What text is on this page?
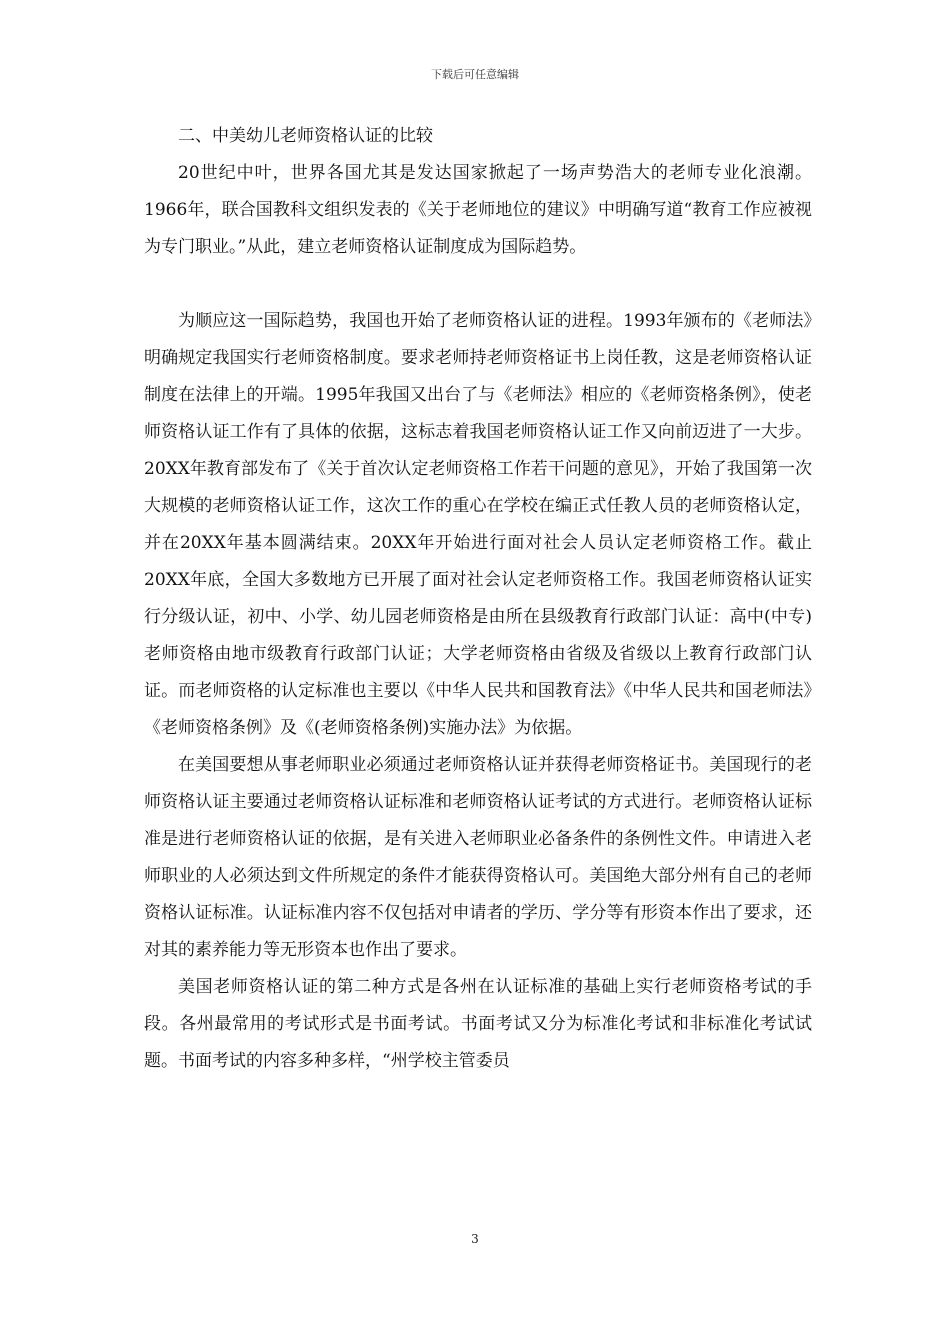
下载后可任意编辑

二、中美幼儿老师资格认证的比较

20世纪中叶，世界各国尤其是发达国家掀起了一场声势浩大的老师专业化浪潮。1966年，联合国教科文组织发表的《关于老师地位的建议》中明确写道“教育工作应被视为专门职业。”从此，建立老师资格认证制度成为国际趋势。

为顺应这一国际趋势，我国也开始了老师资格认证的进程。1993年颁布的《老师法》明确规定我国实行老师资格制度。要求老师持老师资格证书上岗任教，这是老师资格认证制度在法律上的开端。1995年我国又出台了与《老师法》相应的《老师资格条例》，使老师资格认证工作有了具体的依据，这标志着我国老师资格认证工作又向前迈进了一大步。20XX年教育部发布了《关于首次认定老师资格工作若干问题的意见》，开始了我国第一次大规模的老师资格认证工作，这次工作的重心在学校在编正式任教人员的老师资格认定，并在20XX年基本圆满结束。20XX年开始进行面对社会人员认定老师资格工作。截止20XX年底，全国大多数地方已开展了面对社会认定老师资格工作。我国老师资格认证实行分级认证，初中、小学、幼儿园老师资格是由所在县级教育行政部门认证：高中(中专)老师资格由地市级教育行政部门认证；大学老师资格由省级及省级以上教育行政部门认证。而老师资格的认定标准也主要以《中华人民共和国教育法》《中华人民共和国老师法》《老师资格条例》及《(老师资格条例)实施办法》为依据。

在美国要想从事老师职业必须通过老师资格认证并获得老师资格证书。美国现行的老师资格认证主要通过老师资格认证标准和老师资格认证考试的方式进行。老师资格认证标准是进行老师资格认证的依据，是有关进入老师职业必备条件的条例性文件。申请进入老师职业的人必须达到文件所规定的条件才能获得资格认可。美国绝大部分州有自己的老师资格认证标准。认证标准内容不仅包括对申请者的学历、学分等有形资本作出了要求，还对其的素养能力等无形资本也作出了要求。

美国老师资格认证的第二种方式是各州在认证标准的基础上实行老师资格考试的手段。各州最常用的考试形式是书面考试。书面考试又分为标准化考试和非标准化考试试题。书面考试的内容多种多样，“州学校主管委员

3
